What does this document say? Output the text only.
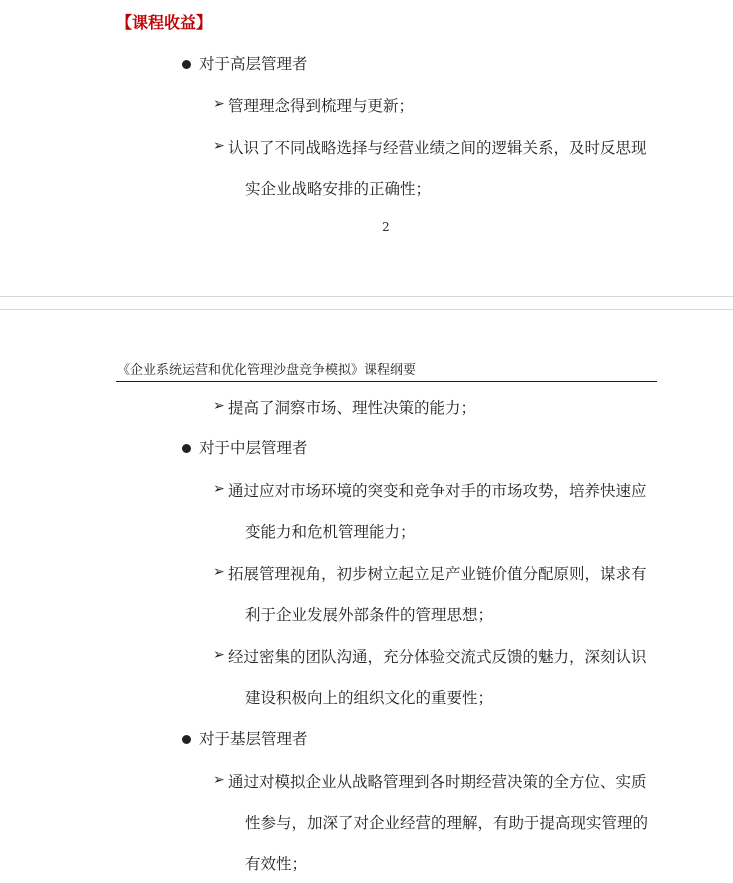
【课程收益】
对于高层管理者
➢ 管理理念得到梳理与更新；
➢ 认识了不同战略选择与经营业绩之间的逻辑关系，及时反思现
实企业战略安排的正确性；
2
《企业系统运营和优化管理沙盘竞争模拟》课程纲要
➢ 提高了洞察市场、理性决策的能力；
对于中层管理者
➢ 通过应对市场环境的突变和竞争对手的市场攻势，培养快速应
变能力和危机管理能力；
➢ 拓展管理视角，初步树立起立足产业链价值分配原则，谋求有
利于企业发展外部条件的管理思想；
➢ 经过密集的团队沟通，充分体验交流式反馈的魅力，深刻认识
建设积极向上的组织文化的重要性；
对于基层管理者
➢ 通过对模拟企业从战略管理到各时期经营决策的全方位、实质
性参与，加深了对企业经营的理解，有助于提高现实管理的
有效性；
